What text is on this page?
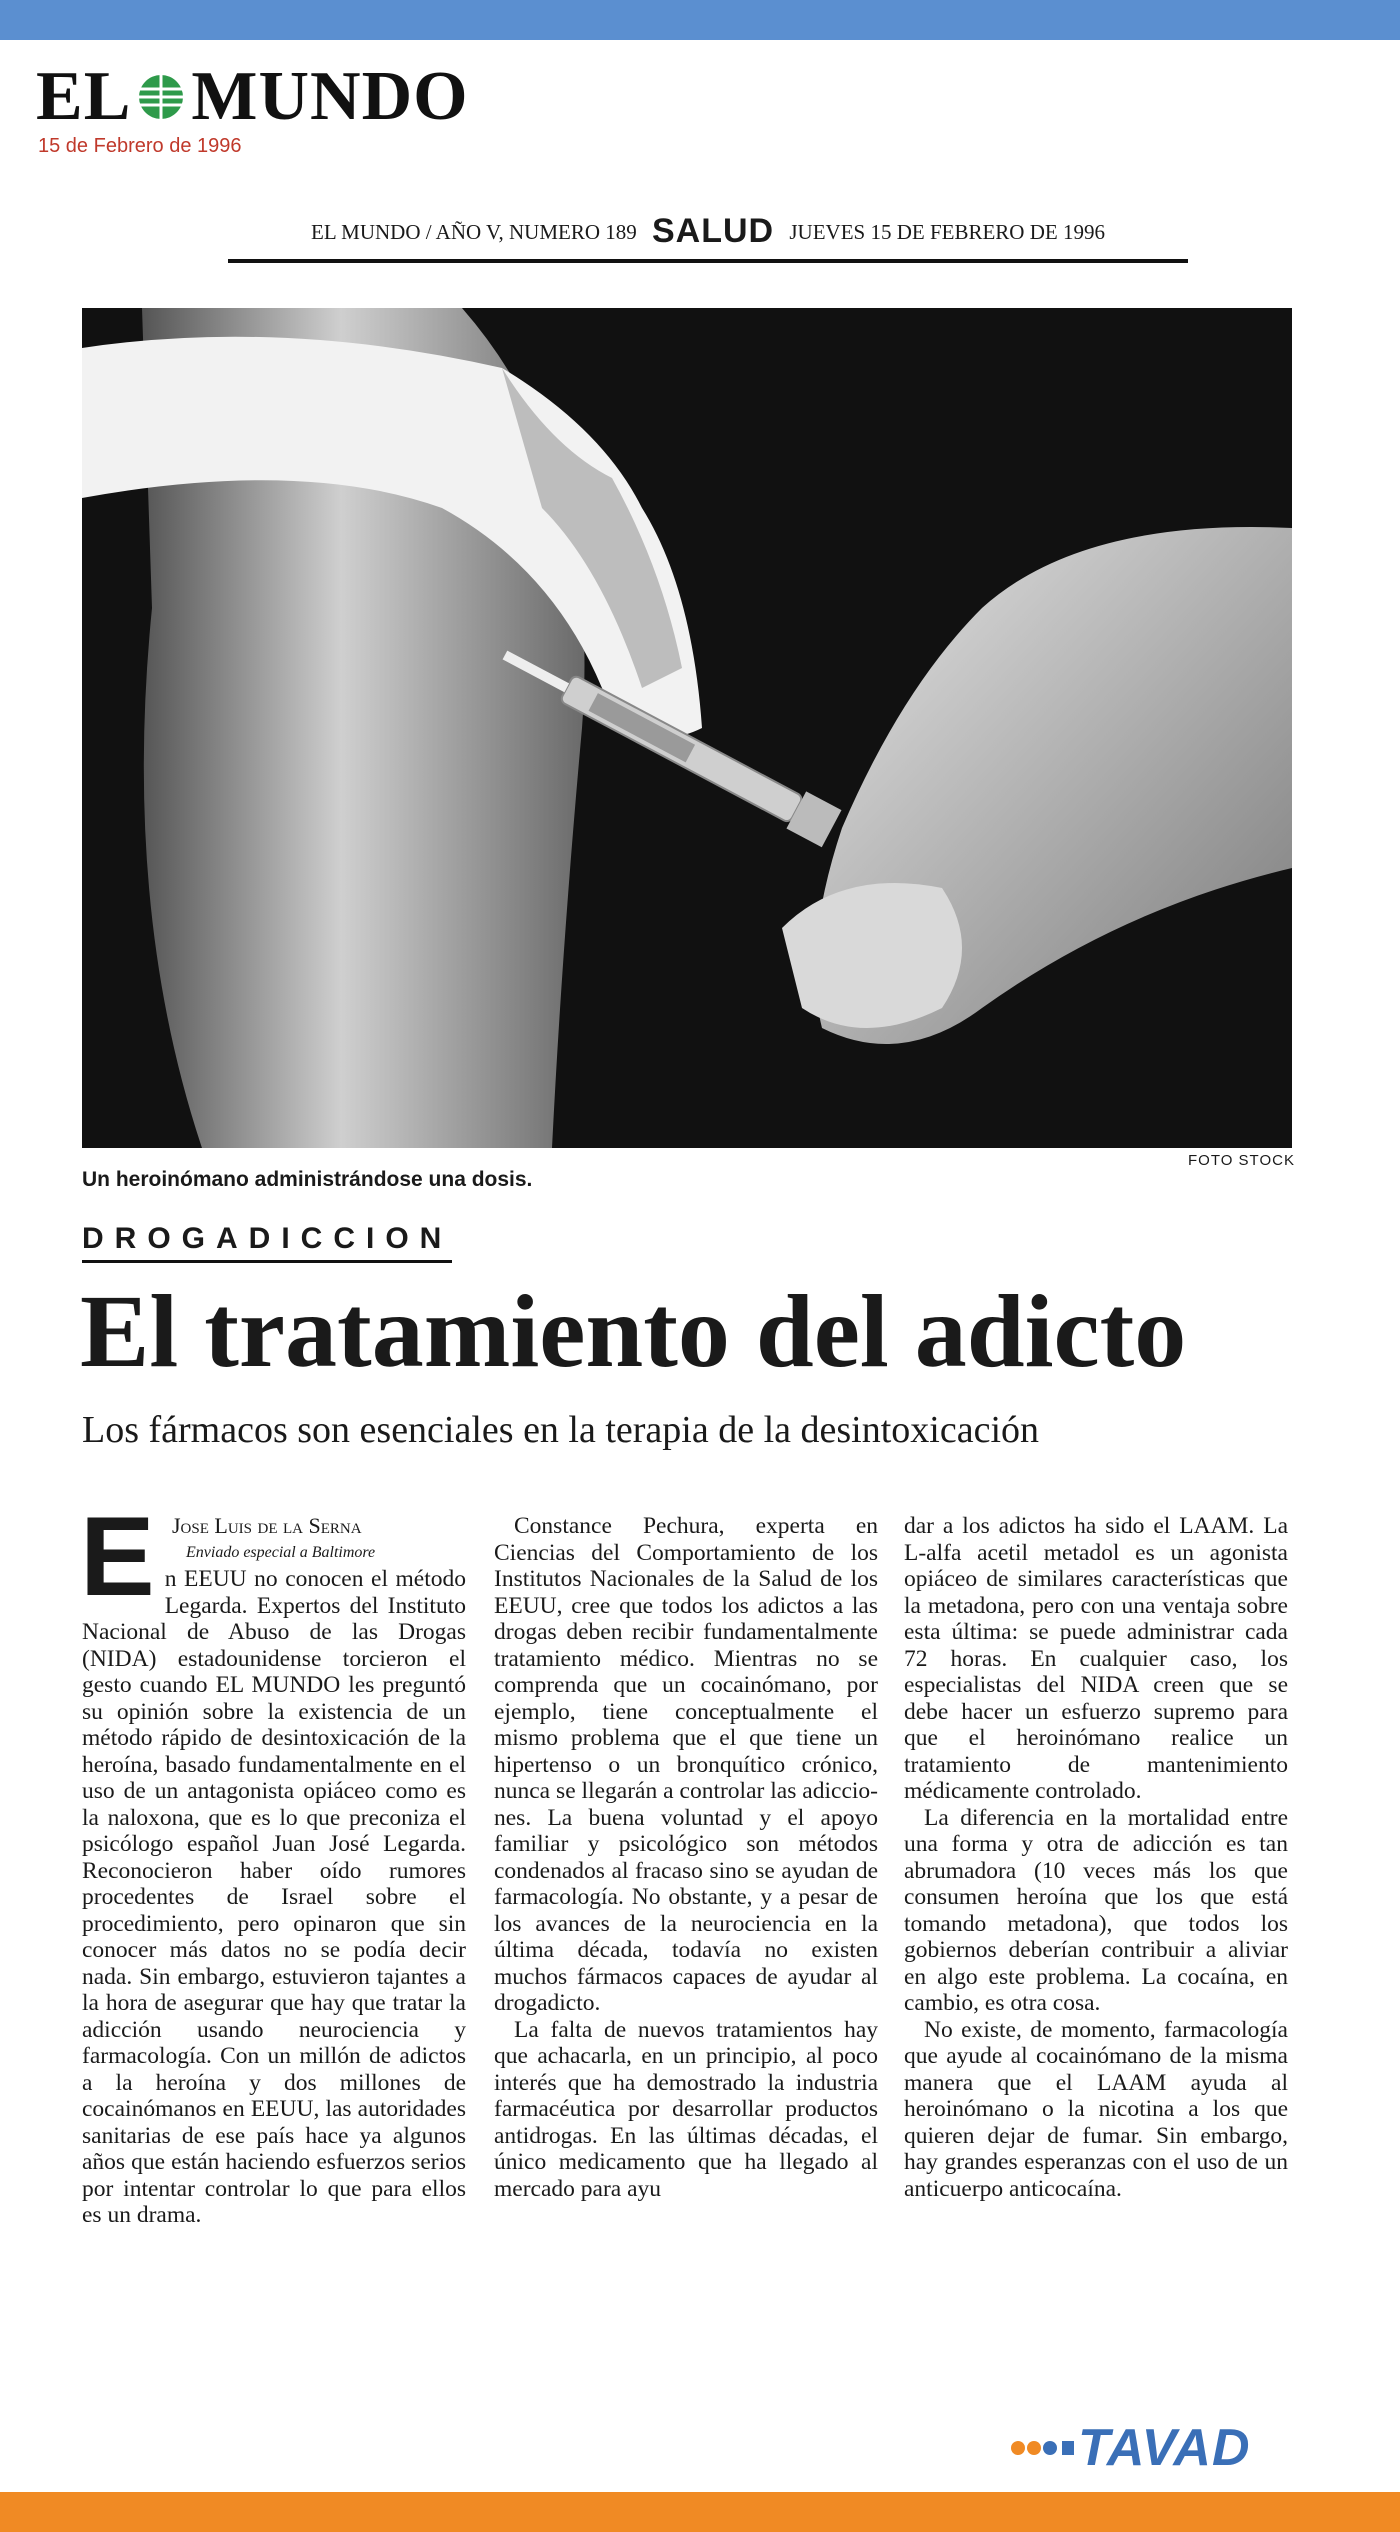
EL MUNDO
15 de Febrero de 1996
EL MUNDO / AÑO V, NUMERO 189 SALUD JUEVES 15 DE FEBRERO DE 1996
Un heroinómano administrándose una dosis.
FOTO STOCK
DROGADICCION
El tratamiento del adicto
Los fármacos son esenciales en la terapia de la desintoxicación
E Jose Luis de la Serna
Enviado especial a Baltimore

n EEUU no conocen el método Legarda. Expertos del Instituto Nacional de Abuso de las Drogas (NIDA) estadounidense torcieron el gesto cuando EL MUNDO les preguntó su opinión sobre la existencia de un método rápido de desintoxicación de la heroína, basado fundamentalmente en el uso de un antagonista opiáceo como es la naloxona, que es lo que preconiza el psicólogo español Juan José Legarda. Reconocieron haber oído rumores procedentes de Israel sobre el procedimiento, pero opinaron que sin conocer más datos no se podía decir nada. Sin embargo, estuvieron tajantes a la hora de asegurar que hay que tratar la adicción usando neurociencia y farmacología. Con un millón de adictos a la heroína y dos millones de cocainómanos en EEUU, las autoridades sanitarias de ese país hace ya algunos años que están haciendo esfuerzos serios por intentar controlar lo que para ellos es un drama.

Constance Pechura, experta en Ciencias del Comportamiento de los Institutos Nacionales de la Salud de los EEUU, cree que todos los adictos a las drogas deben recibir fundamentalmente tratamiento médico. Mientras no se comprenda que un cocainómano, por ejemplo, tiene conceptualmente el mismo problema que el que tiene un hipertenso o un bronquítico crónico, nunca se llegarán a controlar las adicciones. La buena voluntad y el apoyo familiar y psicológico son métodos condenados al fracaso sino se ayudan de farmacología. No obstante, y a pesar de los avances de la neurociencia en la última década, todavía no existen muchos fármacos capaces de ayudar al drogadicto.

La falta de nuevos tratamientos hay que achacarla, en un principio, al poco interés que ha demostrado la industria farmacéutica por desarrollar productos antidrogas. En las últimas décadas, el único medicamento que ha llegado al mercado para ayu

dar a los adictos ha sido el LAAM. La L-alfa acetil metadol es un agonista opiáceo de similares características que la metadona, pero con una ventaja sobre esta última: se puede administrar cada 72 horas. En cualquier caso, los especialistas del NIDA creen que se debe hacer un esfuerzo supremo para que el heroinómano realice un tratamiento de mantenimiento médicamente controlado.

La diferencia en la mortalidad entre una forma y otra de adicción es tan abrumadora (10 veces más los que consumen heroína que los que está tomando metadona), que todos los gobiernos deberían contribuir a aliviar en algo este problema. La cocaína, en cambio, es otra cosa.

No existe, de momento, farmacología que ayude al cocainómano de la misma manera que el LAAM ayuda al heroinómano o la nicotina a los que quieren dejar de fumar. Sin embargo, hay grandes esperanzas con el uso de un anticuerpo anticocaína.

TAVAD
